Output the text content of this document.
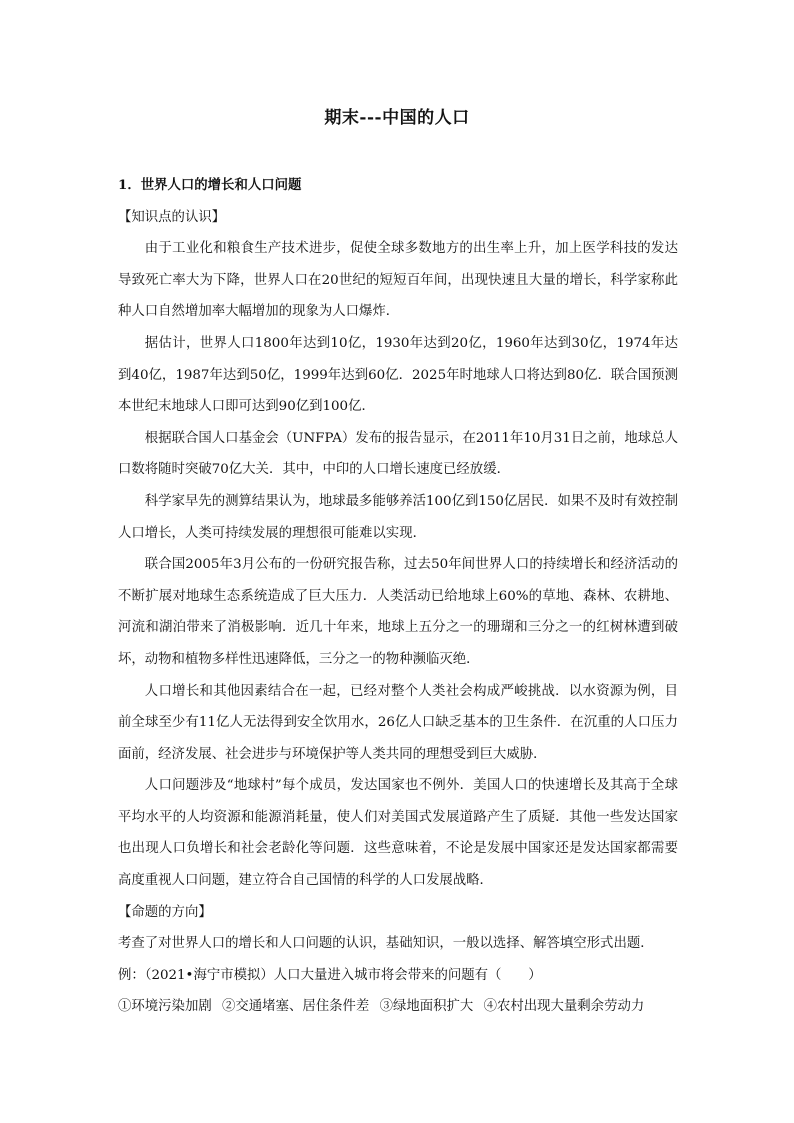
期末---中国的人口

1．世界人口的增长和人口问题

【知识点的认识】

由于工业化和粮食生产技术进步，促使全球多数地方的出生率上升，加上医学科技的发达导致死亡率大为下降，世界人口在20世纪的短短百年间，出现快速且大量的增长，科学家称此种人口自然增加率大幅增加的现象为人口爆炸．

据估计，世界人口1800年达到10亿，1930年达到20亿，1960年达到30亿，1974年达到40亿，1987年达到50亿，1999年达到60亿．2025年时地球人口将达到80亿．联合国预测本世纪末地球人口即可达到90亿到100亿．

根据联合国人口基金会（UNFPA）发布的报告显示，在2011年10月31日之前，地球总人口数将随时突破70亿大关．其中，中印的人口增长速度已经放缓．

科学家早先的测算结果认为，地球最多能够养活100亿到150亿居民．如果不及时有效控制人口增长，人类可持续发展的理想很可能难以实现．

联合国2005年3月公布的一份研究报告称，过去50年间世界人口的持续增长和经济活动的不断扩展对地球生态系统造成了巨大压力．人类活动已给地球上60%的草地、森林、农耕地、河流和湖泊带来了消极影响．近几十年来，地球上五分之一的珊瑚和三分之一的红树林遭到破坏，动物和植物多样性迅速降低，三分之一的物种濒临灭绝．

人口增长和其他因素结合在一起，已经对整个人类社会构成严峻挑战．以水资源为例，目前全球至少有11亿人无法得到安全饮用水，26亿人口缺乏基本的卫生条件．在沉重的人口压力面前，经济发展、社会进步与环境保护等人类共同的理想受到巨大威胁．

人口问题涉及“地球村”每个成员，发达国家也不例外．美国人口的快速增长及其高于全球平均水平的人均资源和能源消耗量，使人们对美国式发展道路产生了质疑．其他一些发达国家也出现人口负增长和社会老龄化等问题．这些意味着，不论是发展中国家还是发达国家都需要高度重视人口问题，建立符合自己国情的科学的人口发展战略．

【命题的方向】

考查了对世界人口的增长和人口问题的认识，基础知识，一般以选择、解答填空形式出题．

例：（2021•海宁市模拟）人口大量进入城市将会带来的问题有（　　）

①环境污染加剧 ②交通堵塞、居住条件差 ③绿地面积扩大 ④农村出现大量剩余劳动力
